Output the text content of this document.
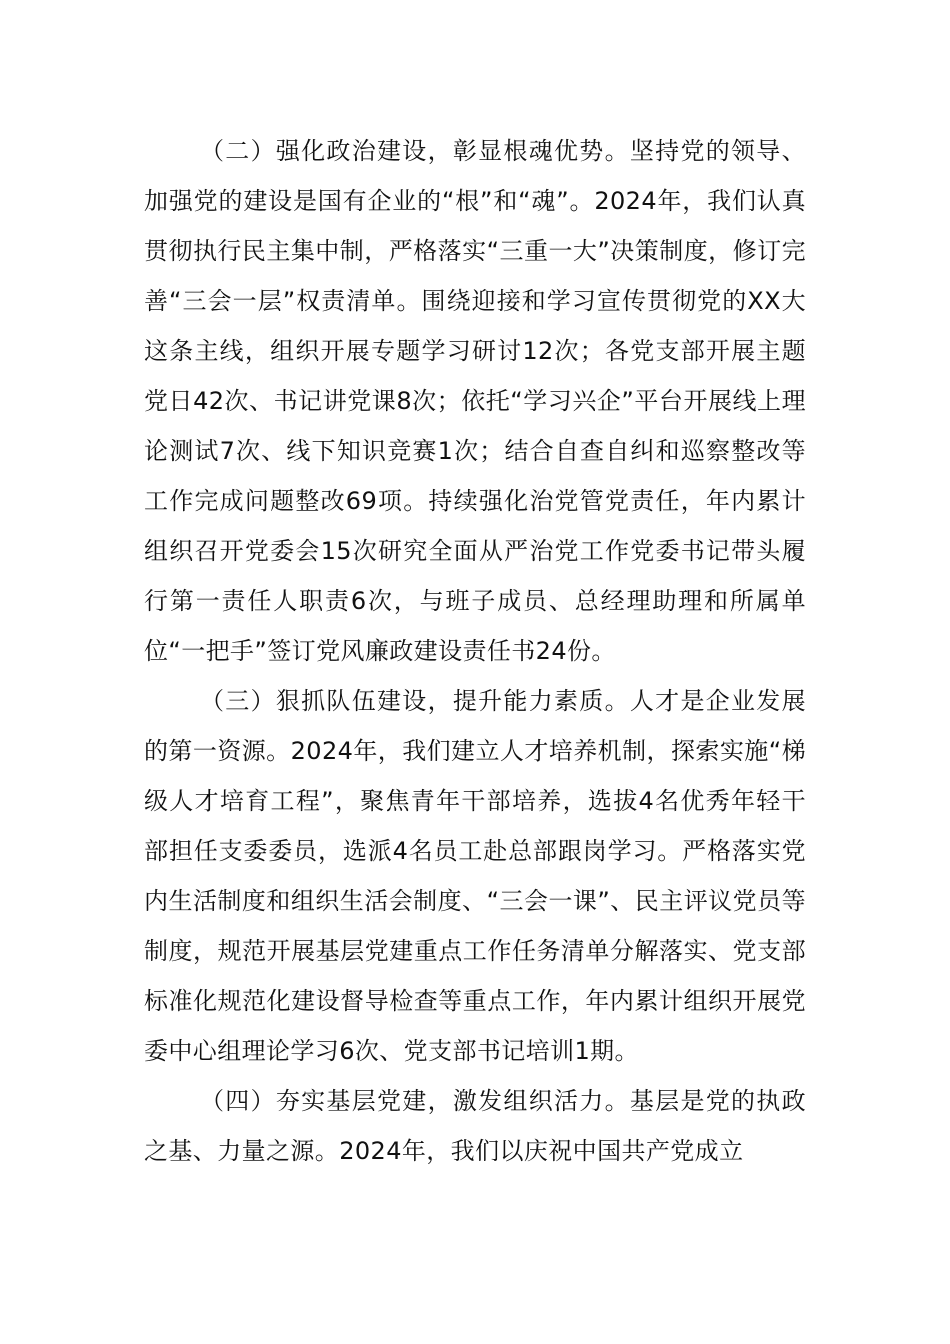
（二）强化政治建设，彰显根魂优势。坚持党的领导、加强党的建设是国有企业的“根”和“魂”。2024年，我们认真贯彻执行民主集中制，严格落实“三重一大”决策制度，修订完善“三会一层”权责清单。围绕迎接和学习宣传贯彻党的XX大这条主线，组织开展专题学习研讨12次；各党支部开展主题党日42次、书记讲党课8次；依托“学习兴企”平台开展线上理论测试7次、线下知识竞赛1次；结合自查自纠和巡察整改等工作完成问题整改69项。持续强化治党管党责任，年内累计组织召开党委会15次研究全面从严治党工作党委书记带头履行第一责任人职责6次，与班子成员、总经理助理和所属单位“一把手”签订党风廉政建设责任书24份。

（三）狠抓队伍建设，提升能力素质。人才是企业发展的第一资源。2024年，我们建立人才培养机制，探索实施“梯级人才培育工程”，聚焦青年干部培养，选拔4名优秀年轻干部担任支委委员，选派4名员工赴总部跟岗学习。严格落实党内生活制度和组织生活会制度、“三会一课”、民主评议党员等制度，规范开展基层党建重点工作任务清单分解落实、党支部标准化规范化建设督导检查等重点工作，年内累计组织开展党委中心组理论学习6次、党支部书记培训1期。

（四）夯实基层党建，激发组织活力。基层是党的执政之基、力量之源。2024年，我们以庆祝中国共产党成立
